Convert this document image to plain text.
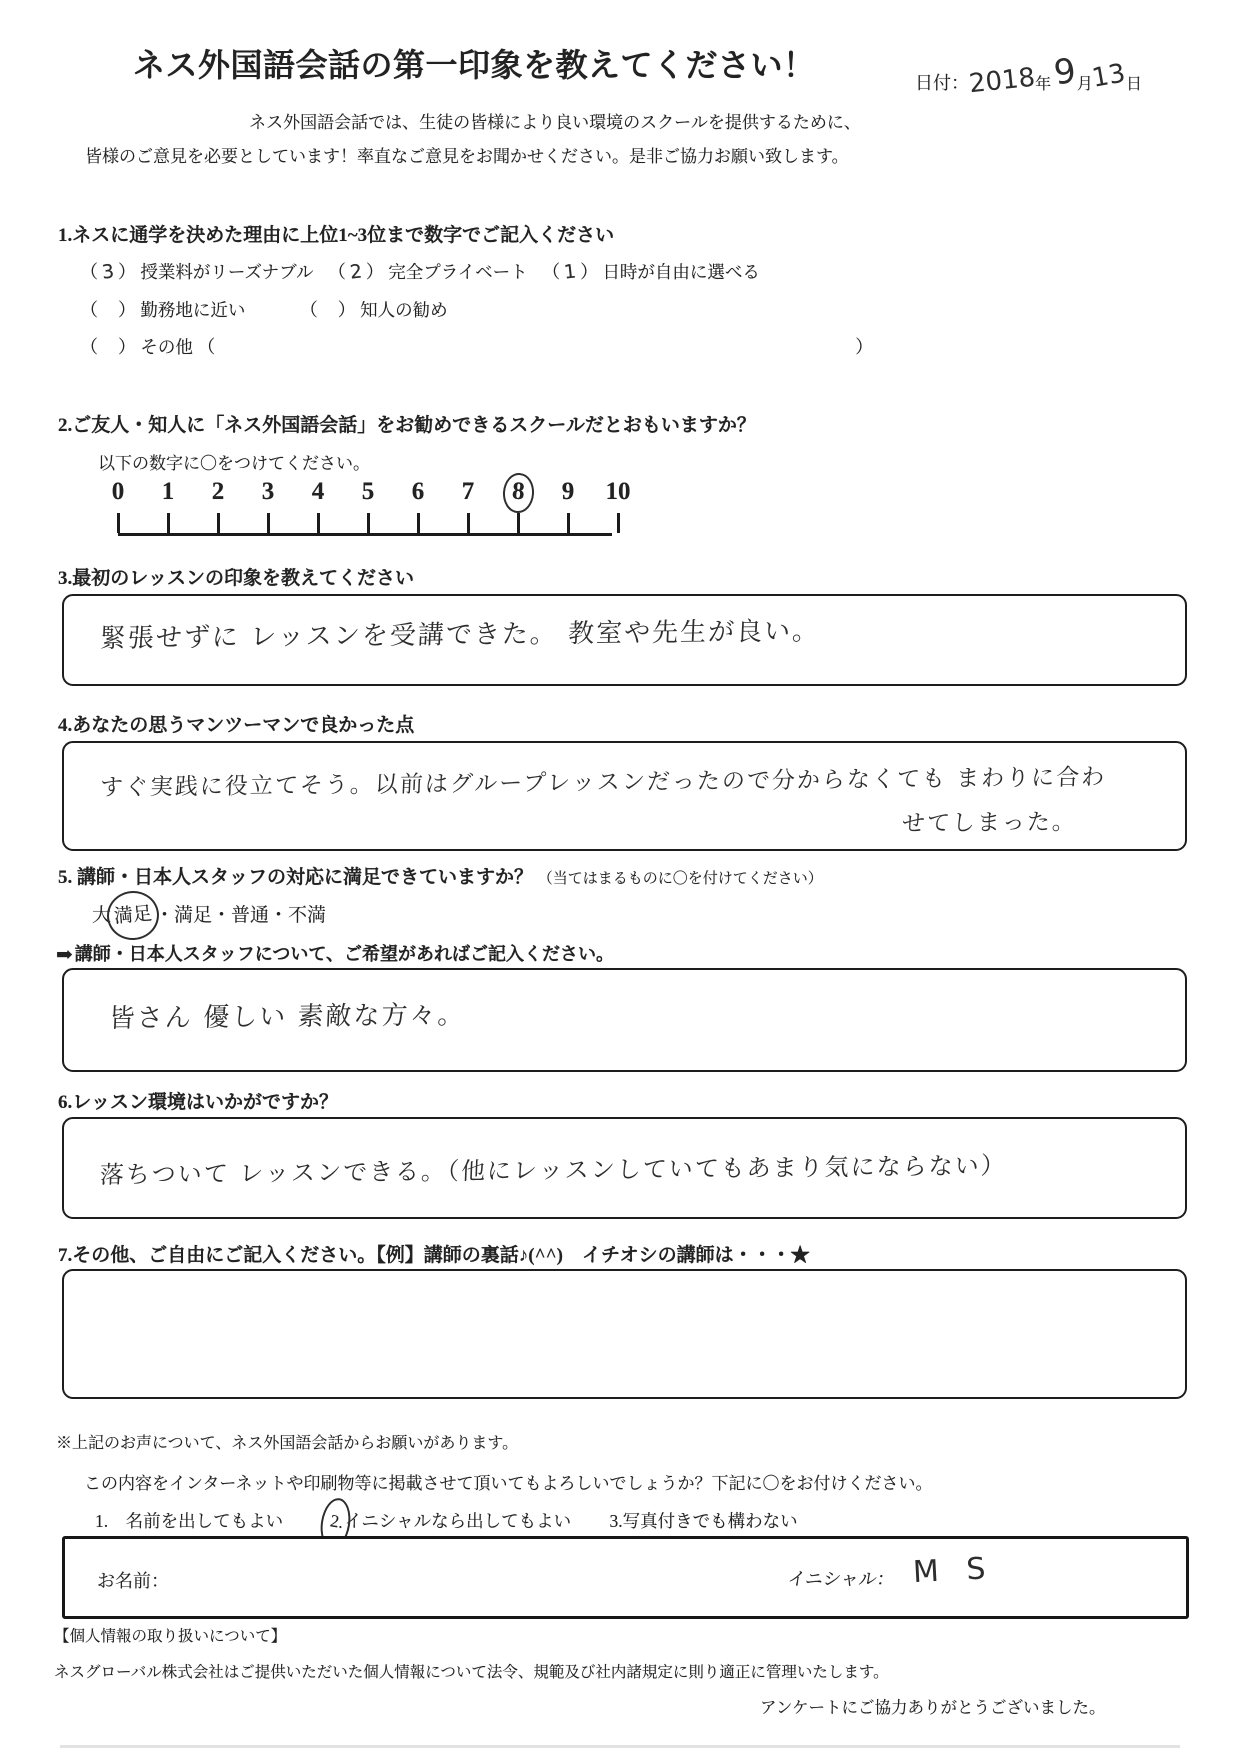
ネス外国語会話の第一印象を教えてください！	日付：2018年 9月13日
ネス外国語会話では、生徒の皆様により良い環境のスクールを提供するために、
皆様のご意見を必要としています！率直なご意見をお聞かせください。是非ご協力お願い致します。
1.ネスに通学を決めた理由に上位1~3位まで数字でご記入ください
（ 3 ） 授業料がリーズナブル （ 2 ） 完全プライベート （ 1 ） 日時が自由に選べる
（ ） 勤務地に近い	（ ） 知人の勧め
（ ） その他 （	）
2.ご友人・知人に「ネス外国語会話」をお勧めできるスクールだとおもいますか？
以下の数字に〇をつけてください。
0	1	2	3	4	5	6	7	8	9	10
3.最初のレッスンの印象を教えてください
緊張せずに レッスンを受講できた。 教室や先生が良い。
4.あなたの思うマンツーマンで良かった点
すぐ実践に役立てそう。以前はグループレッスンだったので分からなくても まわりに合わ
せてしまった。
5. 講師・日本人スタッフの対応に満足できていますか？ （当てはまるものに〇を付けてください）
大 満足 ・満足・普通・不満
➡ 講師・日本人スタッフについて、ご希望があればご記入ください。
皆さん 優しい 素敵な方々。
6.レッスン環境はいかがですか？
落ちついて レッスンできる。（他にレッスンしていてもあまり気にならない）
7.その他、ご自由にご記入ください。【例】講師の裏話♪(^^)　イチオシの講師は・・・★
※上記のお声について、ネス外国語会話からお願いがあります。
この内容をインターネットや印刷物等に掲載させて頂いてもよろしいでしょうか？下記に〇をお付けください。
1.　名前を出してもよい	2.イニシャルなら出してもよい 3.写真付きでも構わない
お名前：	イニシャル： M S
【個人情報の取り扱いについて】
ネスグローバル株式会社はご提供いただいた個人情報について法令、規範及び社内諸規定に則り適正に管理いたします。
アンケートにご協力ありがとうございました。
